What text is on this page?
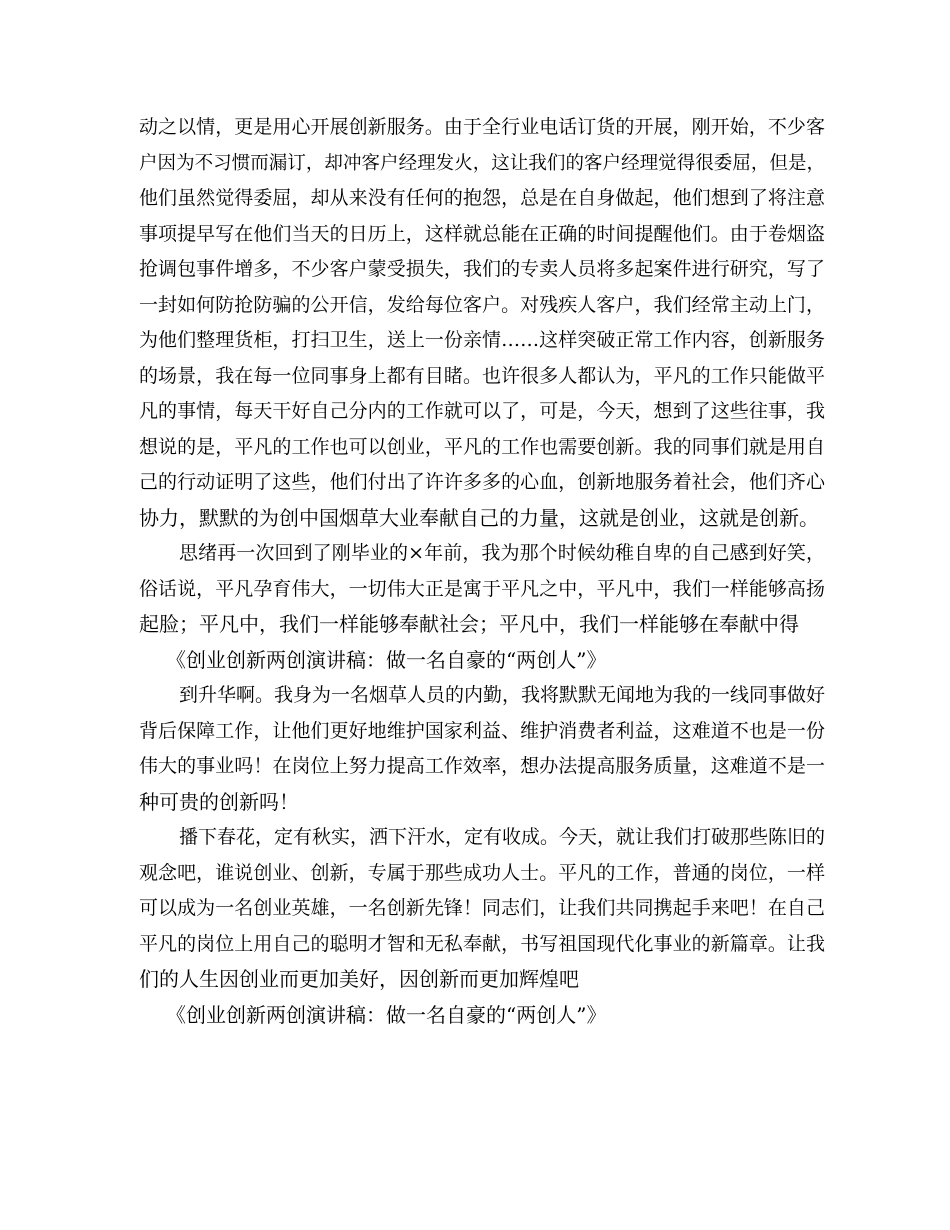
动之以情，更是用心开展创新服务。由于全行业电话订货的开展，刚开始，不少客
户因为不习惯而漏订，却冲客户经理发火，这让我们的客户经理觉得很委屈，但是，
他们虽然觉得委屈，却从来没有任何的抱怨，总是在自身做起，他们想到了将注意
事项提早写在他们当天的日历上，这样就总能在正确的时间提醒他们。由于卷烟盗
抢调包事件增多，不少客户蒙受损失，我们的专卖人员将多起案件进行研究，写了
一封如何防抢防骗的公开信，发给每位客户。对残疾人客户，我们经常主动上门，
为他们整理货柜，打扫卫生，送上一份亲情……这样突破正常工作内容，创新服务
的场景，我在每一位同事身上都有目睹。也许很多人都认为，平凡的工作只能做平
凡的事情，每天干好自己分内的工作就可以了，可是，今天，想到了这些往事，我
想说的是，平凡的工作也可以创业，平凡的工作也需要创新。我的同事们就是用自
己的行动证明了这些，他们付出了许许多多的心血，创新地服务着社会，他们齐心
协力，默默的为创中国烟草大业奉献自己的力量，这就是创业，这就是创新。
思绪再一次回到了刚毕业的×年前，我为那个时候幼稚自卑的自己感到好笑，
俗话说，平凡孕育伟大，一切伟大正是寓于平凡之中，平凡中，我们一样能够高扬
起脸；平凡中，我们一样能够奉献社会；平凡中，我们一样能够在奉献中得
《创业创新两创演讲稿：做一名自豪的“两创人”》
到升华啊。我身为一名烟草人员的内勤，我将默默无闻地为我的一线同事做好
背后保障工作，让他们更好地维护国家利益、维护消费者利益，这难道不也是一份
伟大的事业吗！在岗位上努力提高工作效率，想办法提高服务质量，这难道不是一
种可贵的创新吗！
播下春花，定有秋实，洒下汗水，定有收成。今天，就让我们打破那些陈旧的
观念吧，谁说创业、创新，专属于那些成功人士。平凡的工作，普通的岗位，一样
可以成为一名创业英雄，一名创新先锋！同志们，让我们共同携起手来吧！在自己
平凡的岗位上用自己的聪明才智和无私奉献，书写祖国现代化事业的新篇章。让我
们的人生因创业而更加美好，因创新而更加辉煌吧
《创业创新两创演讲稿：做一名自豪的“两创人”》
